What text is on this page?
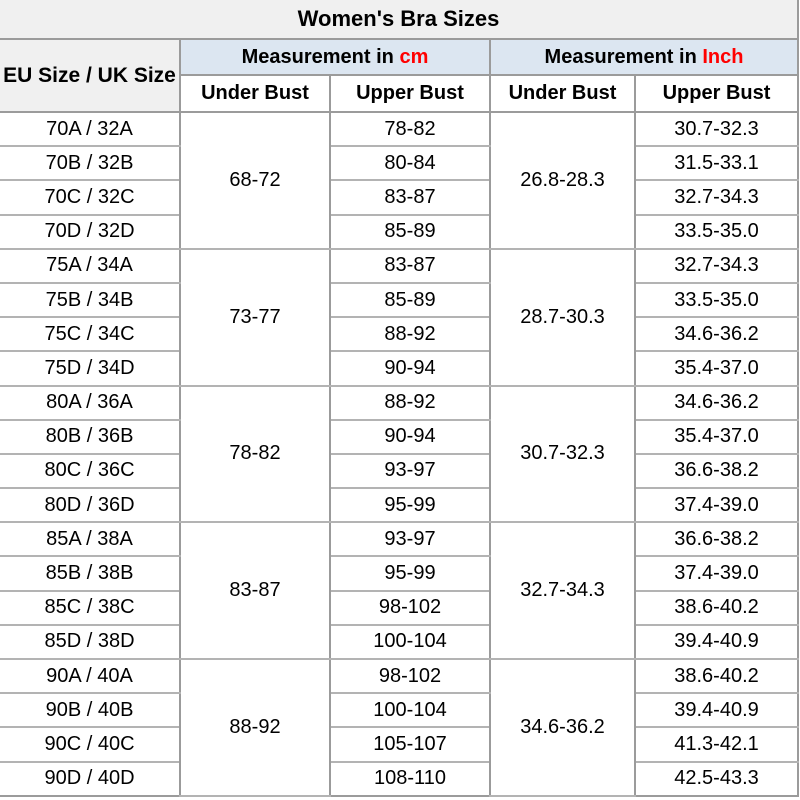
Women's Bra Sizes				
EU Size / UK Size	Measurement in cm		Measurement in Inch	
	Under Bust	Upper Bust	Under Bust	Upper Bust
70A / 32A	68-72	78-82	26.8-28.3	30.7-32.3
70B / 32B		80-84		31.5-33.1
70C / 32C		83-87		32.7-34.3
70D / 32D		85-89		33.5-35.0
75A / 34A	73-77	83-87	28.7-30.3	32.7-34.3
75B / 34B		85-89		33.5-35.0
75C / 34C		88-92		34.6-36.2
75D / 34D		90-94		35.4-37.0
80A / 36A	78-82	88-92	30.7-32.3	34.6-36.2
80B / 36B		90-94		35.4-37.0
80C / 36C		93-97		36.6-38.2
80D / 36D		95-99		37.4-39.0
85A / 38A	83-87	93-97	32.7-34.3	36.6-38.2
85B / 38B		95-99		37.4-39.0
85C / 38C		98-102		38.6-40.2
85D / 38D		100-104		39.4-40.9
90A / 40A	88-92	98-102	34.6-36.2	38.6-40.2
90B / 40B		100-104		39.4-40.9
90C / 40C		105-107		41.3-42.1
90D / 40D		108-110		42.5-43.3
